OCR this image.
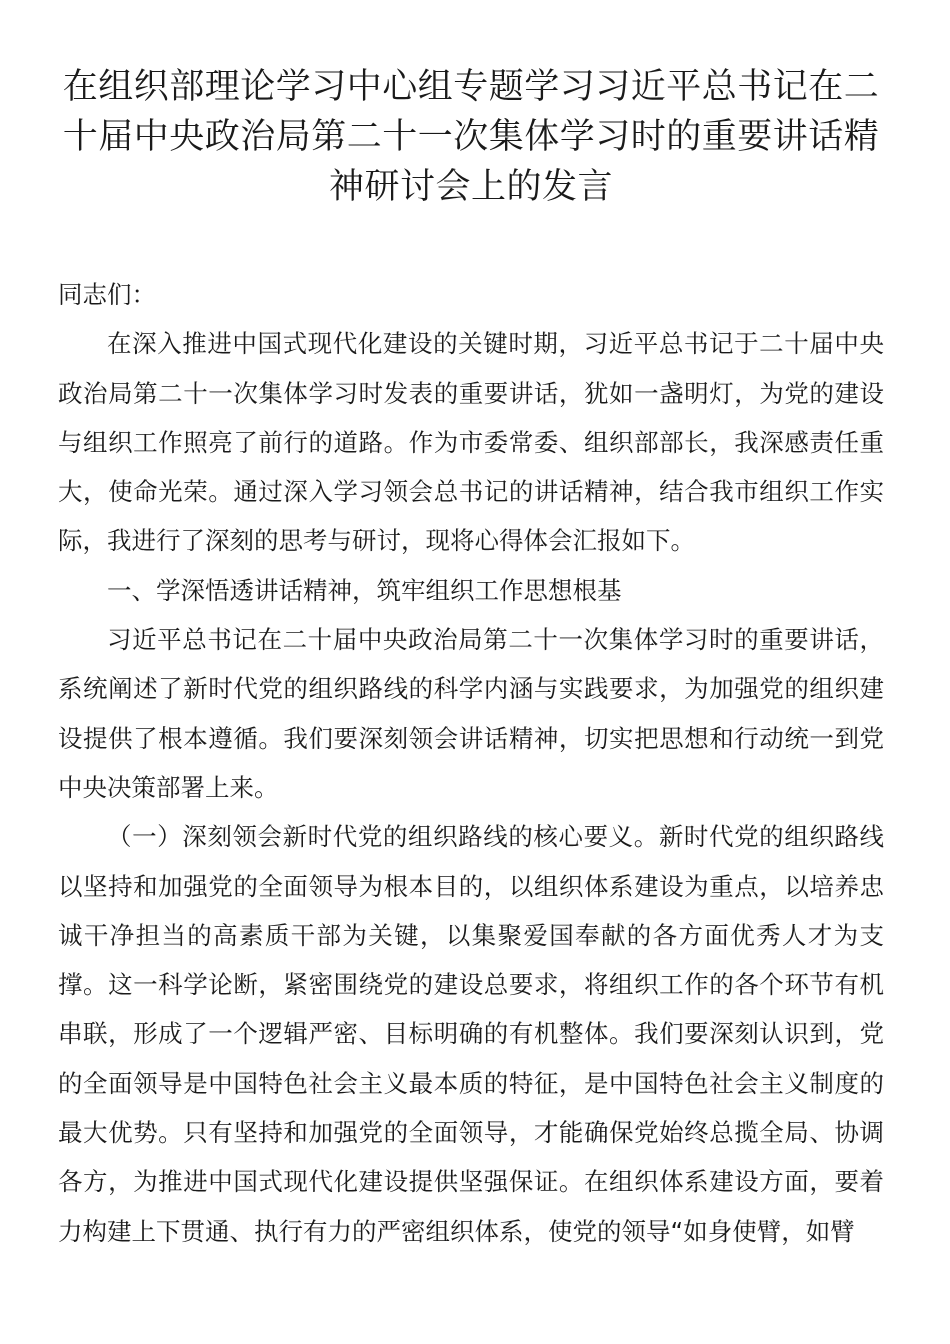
在组织部理论学习中心组专题学习习近平总书记在二十届中央政治局第二十一次集体学习时的重要讲话精神研讨会上的发言

同志们：

在深入推进中国式现代化建设的关键时期，习近平总书记于二十届中央政治局第二十一次集体学习时发表的重要讲话，犹如一盏明灯，为党的建设与组织工作照亮了前行的道路。作为市委常委、组织部部长，我深感责任重大，使命光荣。通过深入学习领会总书记的讲话精神，结合我市组织工作实际，我进行了深刻的思考与研讨，现将心得体会汇报如下。

一、学深悟透讲话精神，筑牢组织工作思想根基

习近平总书记在二十届中央政治局第二十一次集体学习时的重要讲话，系统阐述了新时代党的组织路线的科学内涵与实践要求，为加强党的组织建设提供了根本遵循。我们要深刻领会讲话精神，切实把思想和行动统一到党中央决策部署上来。

（一）深刻领会新时代党的组织路线的核心要义。新时代党的组织路线以坚持和加强党的全面领导为根本目的，以组织体系建设为重点，以培养忠诚干净担当的高素质干部为关键，以集聚爱国奉献的各方面优秀人才为支撑。这一科学论断，紧密围绕党的建设总要求，将组织工作的各个环节有机串联，形成了一个逻辑严密、目标明确的有机整体。我们要深刻认识到，党的全面领导是中国特色社会主义最本质的特征，是中国特色社会主义制度的最大优势。只有坚持和加强党的全面领导，才能确保党始终总揽全局、协调各方，为推进中国式现代化建设提供坚强保证。在组织体系建设方面，要着力构建上下贯通、执行有力的严密组织体系，使党的领导“如身使臂，如臂
